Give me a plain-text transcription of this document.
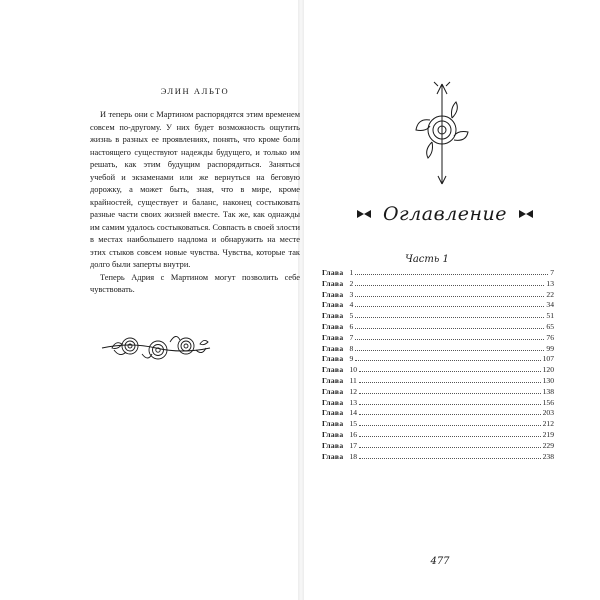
ЭЛИН АЛЬТО

И теперь они с Мартином распорядятся этим временем совсем по-другому. У них будет возможность ощутить жизнь в разных ее проявлениях, понять, что кроме боли настоящего существуют надежды будущего, и только им решать, как этим будущим распорядиться. Заняться учебой и экзаменами или же вернуться на беговую дорожку, а может быть, зная, что в мире, кроме крайностей, существует и баланс, наконец состыковать разные части своих жизней вместе. Так же, как однажды им самим удалось состыковаться. Совпасть в своей злости в местах наибольшего надлома и обнаружить на месте этих стыков совсем новые чувства. Чувства, которые так долго были заперты внутри.

Теперь Адрия с Мартином могут позволить себе чувствовать.

Оглавление
Часть 1
Глава 1	7
Глава 2	13
Глава 3	22
Глава 4	34
Глава 5	51
Глава 6	65
Глава 7	76
Глава 8	99
Глава 9	107
Глава 10	120
Глава 11	130
Глава 12	138
Глава 13	156
Глава 14	203
Глава 15	212
Глава 16	219
Глава 17	229
Глава 18	238
477
